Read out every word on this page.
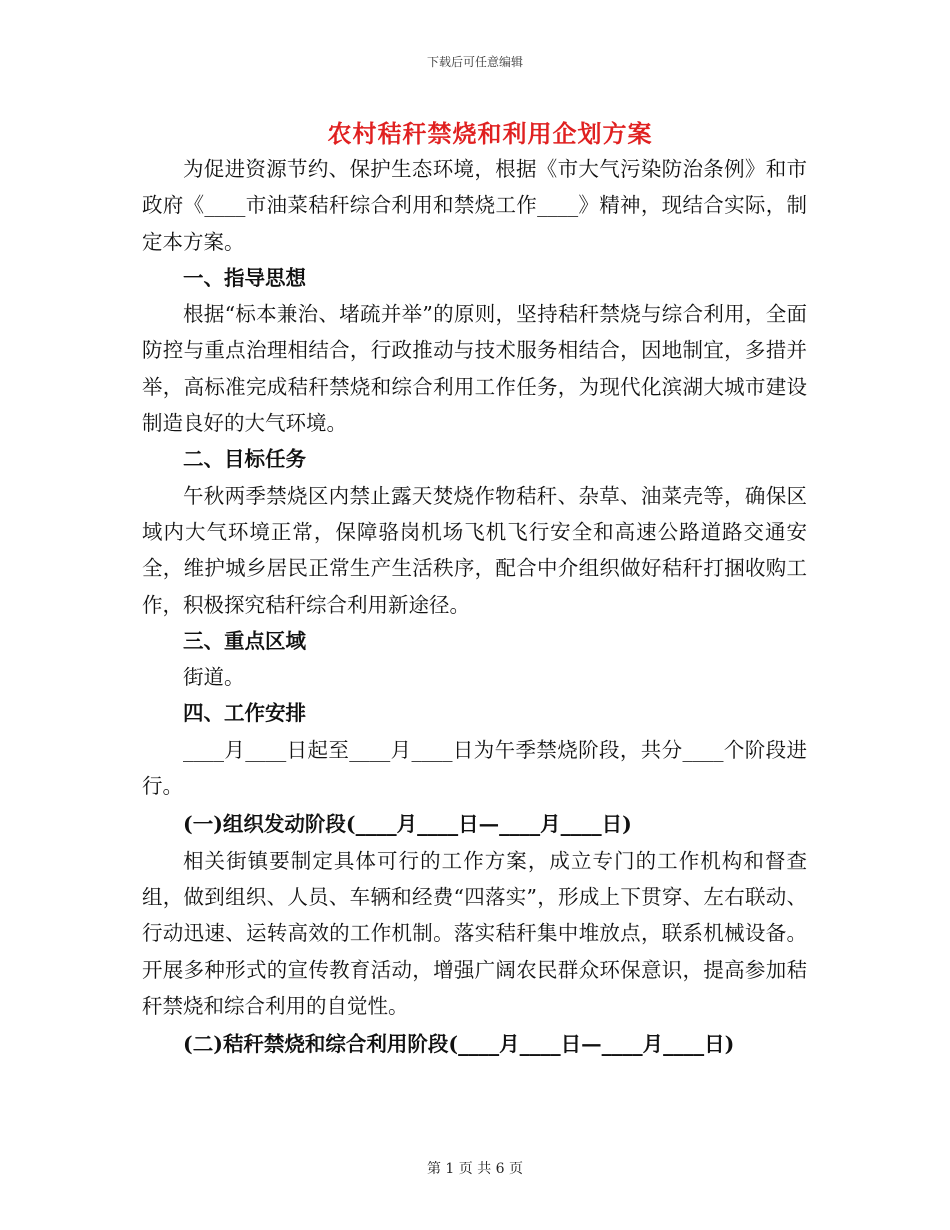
下载后可任意编辑
农村秸秆禁烧和利用企划方案

为促进资源节约、保护生态环境，根据《市大气污染防治条例》和市政府《____市油菜秸秆综合利用和禁烧工作____》精神，现结合实际，制定本方案。

一、指导思想

根据“标本兼治、堵疏并举”的原则，坚持秸秆禁烧与综合利用，全面防控与重点治理相结合，行政推动与技术服务相结合，因地制宜，多措并举，高标准完成秸秆禁烧和综合利用工作任务，为现代化滨湖大城市建设制造良好的大气环境。

二、目标任务

午秋两季禁烧区内禁止露天焚烧作物秸秆、杂草、油菜壳等，确保区域内大气环境正常，保障骆岗机场飞机飞行安全和高速公路道路交通安全，维护城乡居民正常生产生活秩序，配合中介组织做好秸秆打捆收购工作，积极探究秸秆综合利用新途径。

三、重点区域

街道。

四、工作安排

____月____日起至____月____日为午季禁烧阶段，共分____个阶段进行。

(一)组织发动阶段(____月____日—____月____日)

相关街镇要制定具体可行的工作方案，成立专门的工作机构和督查组，做到组织、人员、车辆和经费“四落实”，形成上下贯穿、左右联动、行动迅速、运转高效的工作机制。落实秸秆集中堆放点，联系机械设备。开展多种形式的宣传教育活动，增强广阔农民群众环保意识，提高参加秸秆禁烧和综合利用的自觉性。

(二)秸秆禁烧和综合利用阶段(____月____日—____月____日)

第 1 页 共 6 页
